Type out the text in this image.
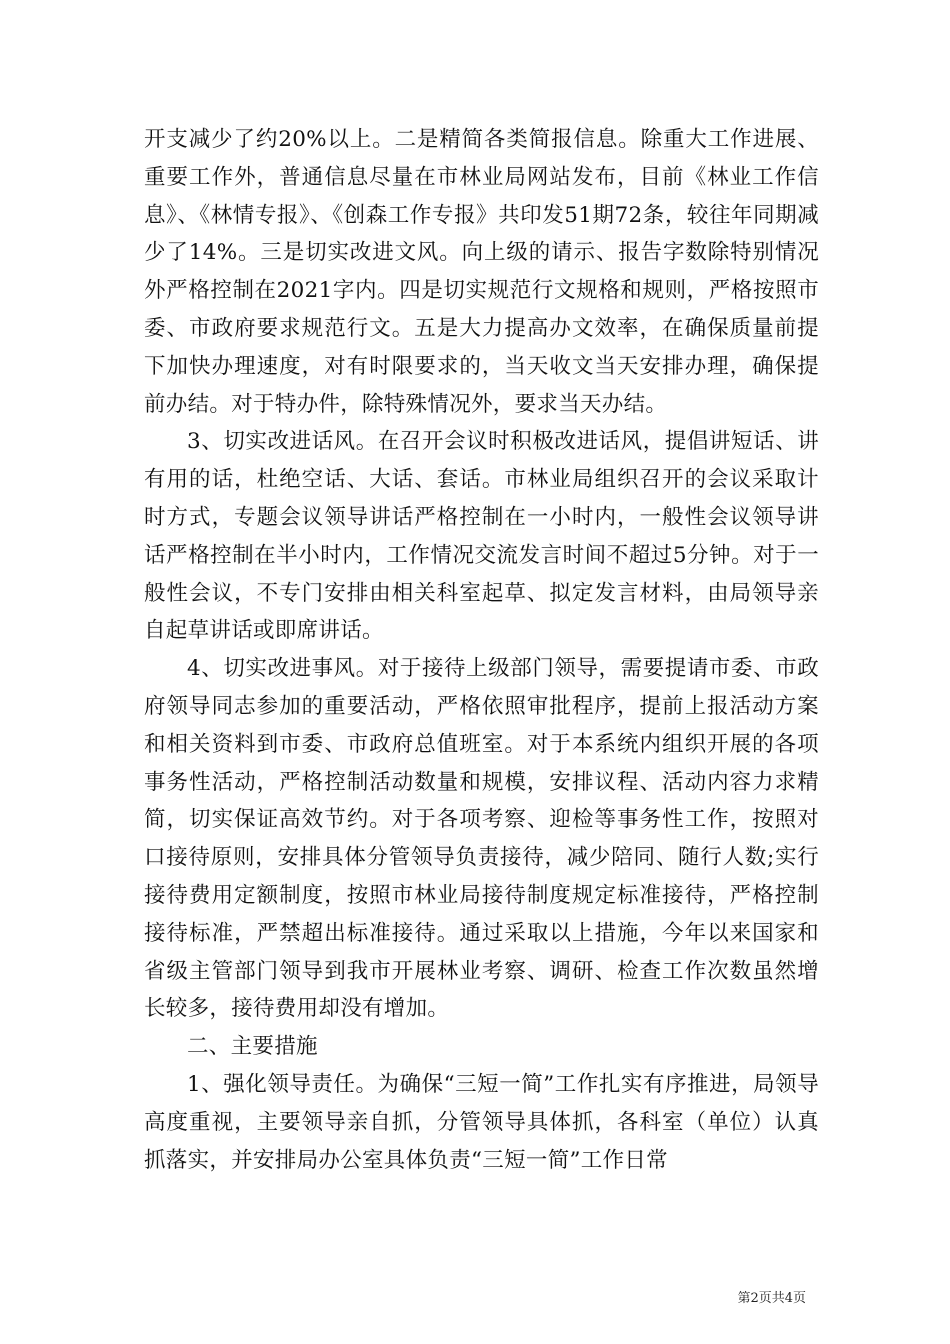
开支减少了约20%以上。二是精简各类简报信息。除重大工作进展、重要工作外，普通信息尽量在市林业局网站发布，目前《林业工作信息》、《林情专报》、《创森工作专报》共印发51期72条，较往年同期减少了14%。三是切实改进文风。向上级的请示、报告字数除特别情况外严格控制在2021字内。四是切实规范行文规格和规则，严格按照市委、市政府要求规范行文。五是大力提高办文效率，在确保质量前提下加快办理速度，对有时限要求的，当天收文当天安排办理，确保提前办结。对于特办件，除特殊情况外，要求当天办结。

3、切实改进话风。在召开会议时积极改进话风，提倡讲短话、讲有用的话，杜绝空话、大话、套话。市林业局组织召开的会议采取计时方式，专题会议领导讲话严格控制在一小时内，一般性会议领导讲话严格控制在半小时内，工作情况交流发言时间不超过5分钟。对于一般性会议，不专门安排由相关科室起草、拟定发言材料，由局领导亲自起草讲话或即席讲话。

4、切实改进事风。对于接待上级部门领导，需要提请市委、市政府领导同志参加的重要活动，严格依照审批程序，提前上报活动方案和相关资料到市委、市政府总值班室。对于本系统内组织开展的各项事务性活动，严格控制活动数量和规模，安排议程、活动内容力求精简，切实保证高效节约。对于各项考察、迎检等事务性工作，按照对口接待原则，安排具体分管领导负责接待，减少陪同、随行人数;实行接待费用定额制度，按照市林业局接待制度规定标准接待，严格控制接待标准，严禁超出标准接待。通过采取以上措施，今年以来国家和省级主管部门领导到我市开展林业考察、调研、检查工作次数虽然增长较多，接待费用却没有增加。

二、主要措施

1、强化领导责任。为确保“三短一简”工作扎实有序推进，局领导高度重视，主要领导亲自抓，分管领导具体抓，各科室（单位）认真抓落实，并安排局办公室具体负责“三短一简”工作日常

第2页共4页
